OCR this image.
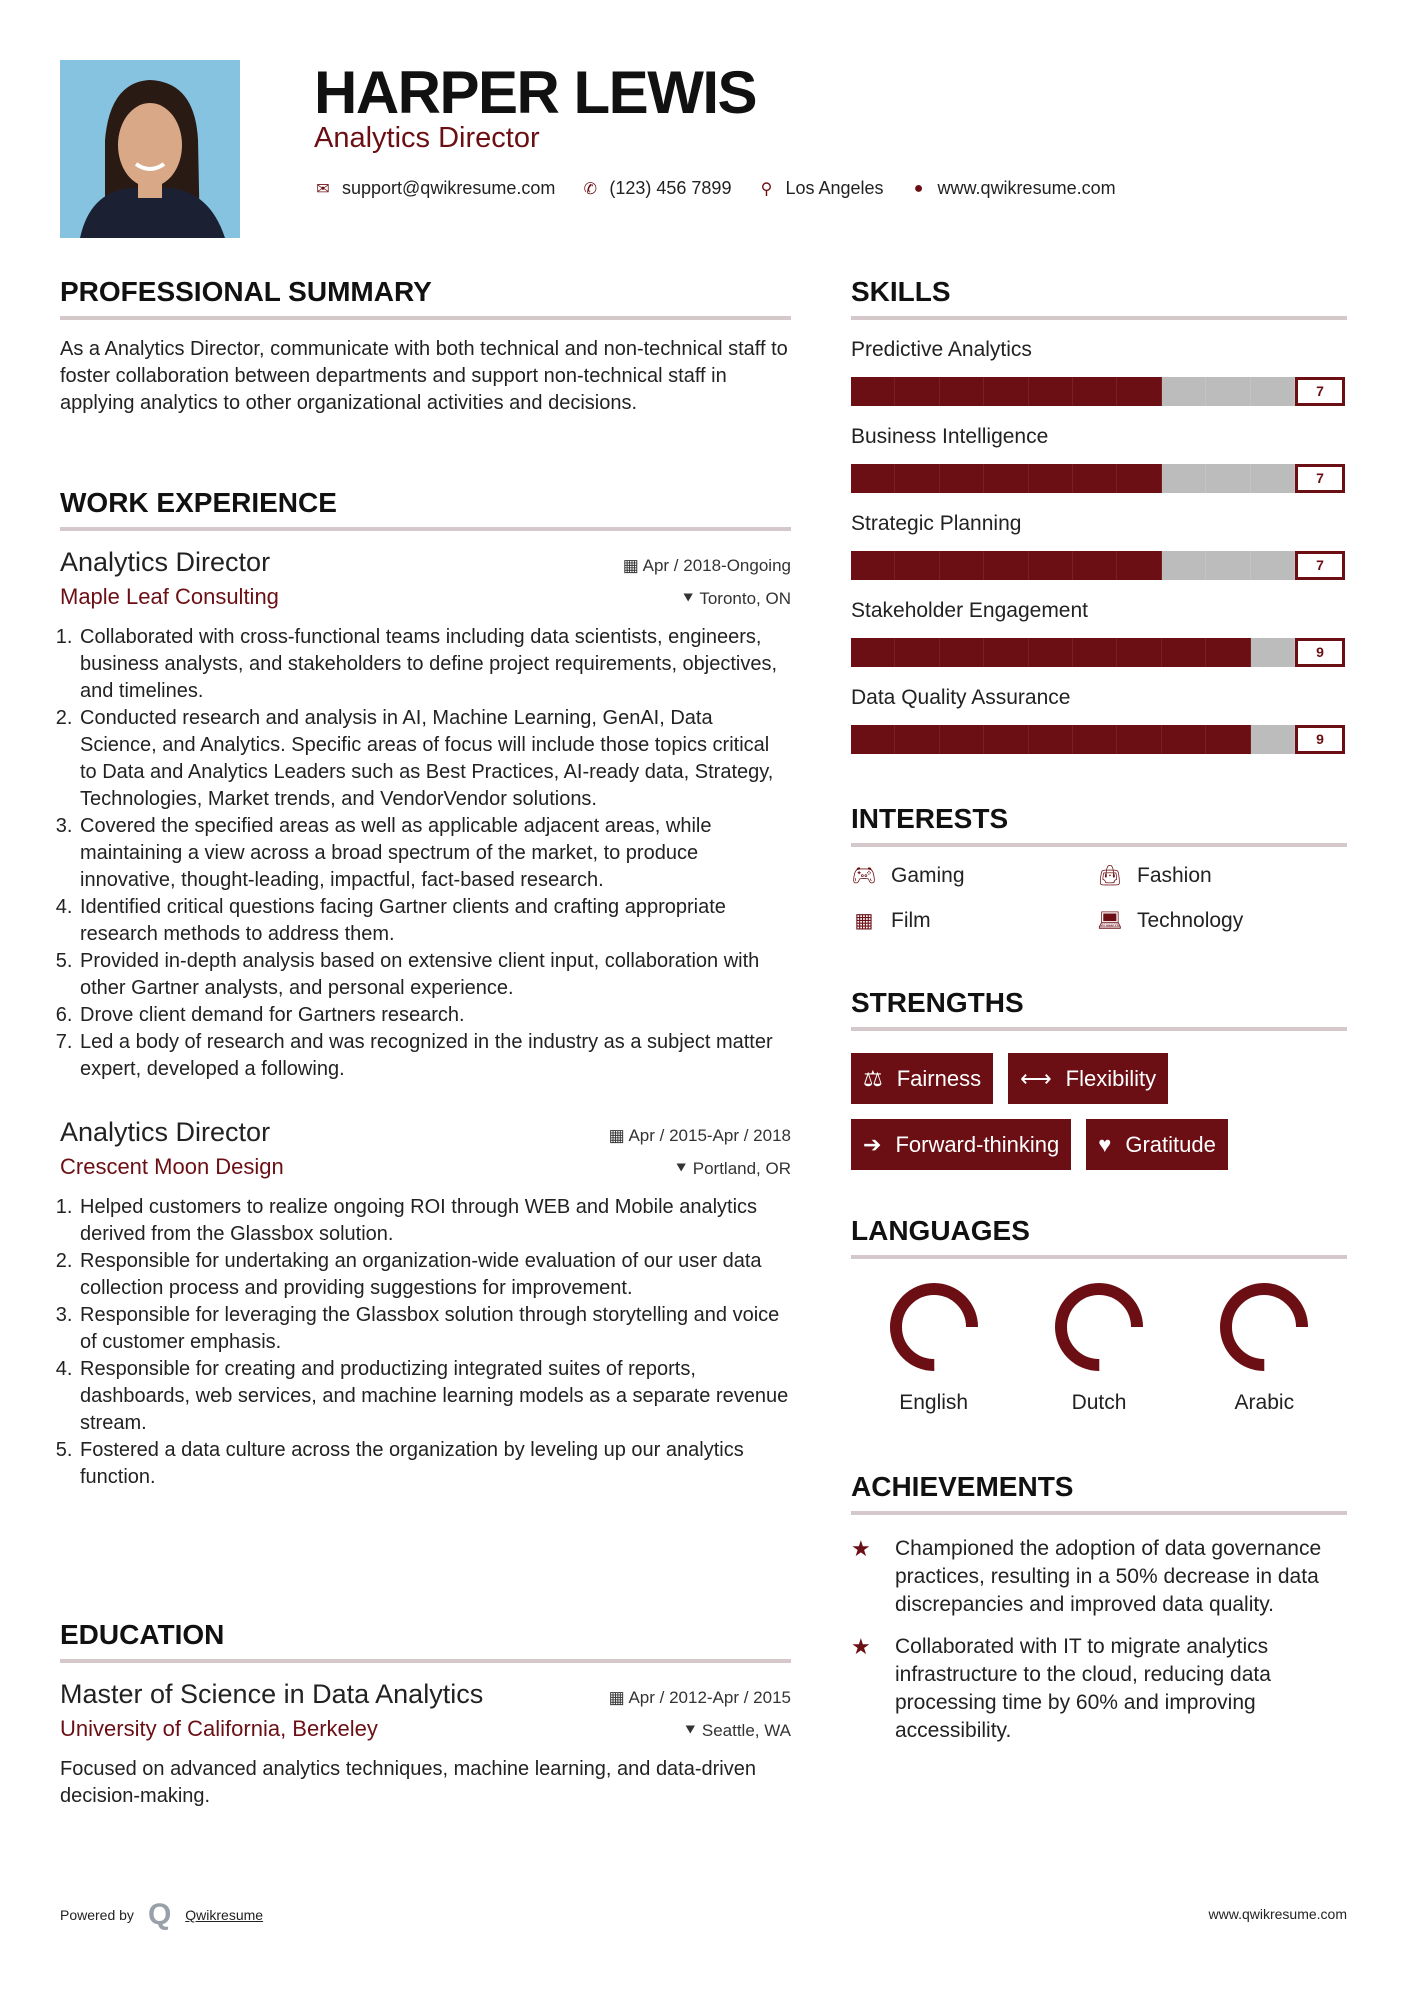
HARPER LEWIS
Analytics Director
✉ support@qwikresume.com ✆ (123) 456 7899 ⚲ Los Angeles ● www.qwikresume.com
PROFESSIONAL SUMMARY
As a Analytics Director, communicate with both technical and non-technical staff to foster collaboration between departments and support non-technical staff in applying analytics to other organizational activities and decisions.
WORK EXPERIENCE
Analytics Director	▦ Apr / 2018-Ongoing
Maple Leaf Consulting	⯆ Toronto, ON
1. Collaborated with cross-functional teams including data scientists, engineers, business analysts, and stakeholders to define project requirements, objectives, and timelines.
2. Conducted research and analysis in AI, Machine Learning, GenAI, Data Science, and Analytics. Specific areas of focus will include those topics critical to Data and Analytics Leaders such as Best Practices, AI-ready data, Strategy, Technologies, Market trends, and VendorVendor solutions.
3. Covered the specified areas as well as applicable adjacent areas, while maintaining a view across a broad spectrum of the market, to produce innovative, thought-leading, impactful, fact-based research.
4. Identified critical questions facing Gartner clients and crafting appropriate research methods to address them.
5. Provided in-depth analysis based on extensive client input, collaboration with other Gartner analysts, and personal experience.
6. Drove client demand for Gartners research.
7. Led a body of research and was recognized in the industry as a subject matter expert, developed a following.
Analytics Director	▦ Apr / 2015-Apr / 2018
Crescent Moon Design	⯆ Portland, OR
1. Helped customers to realize ongoing ROI through WEB and Mobile analytics derived from the Glassbox solution.
2. Responsible for undertaking an organization-wide evaluation of our user data collection process and providing suggestions for improvement.
3. Responsible for leveraging the Glassbox solution through storytelling and voice of customer emphasis.
4. Responsible for creating and productizing integrated suites of reports, dashboards, web services, and machine learning models as a separate revenue stream.
5. Fostered a data culture across the organization by leveling up our analytics function.
EDUCATION
Master of Science in Data Analytics	▦ Apr / 2012-Apr / 2015
University of California, Berkeley	⯆ Seattle, WA
Focused on advanced analytics techniques, machine learning, and data-driven decision-making.
SKILLS
Predictive Analytics
7
Business Intelligence
7
Strategic Planning
7
Stakeholder Engagement
9
Data Quality Assurance
9
INTERESTS
🎮︎ Gaming	👜︎ Fashion
▦ Film	💻︎ Technology
STRENGTHS
⚖ Fairness ⟷ Flexibility
➔ Forward-thinking ♥ Gratitude
LANGUAGES
English	Dutch	Arabic
ACHIEVEMENTS
★	Championed the adoption of data governance practices, resulting in a 50% decrease in data discrepancies and improved data quality.
★	Collaborated with IT to migrate analytics infrastructure to the cloud, reducing data processing time by 60% and improving accessibility.
Powered by Q Qwikresume	www.qwikresume.com
